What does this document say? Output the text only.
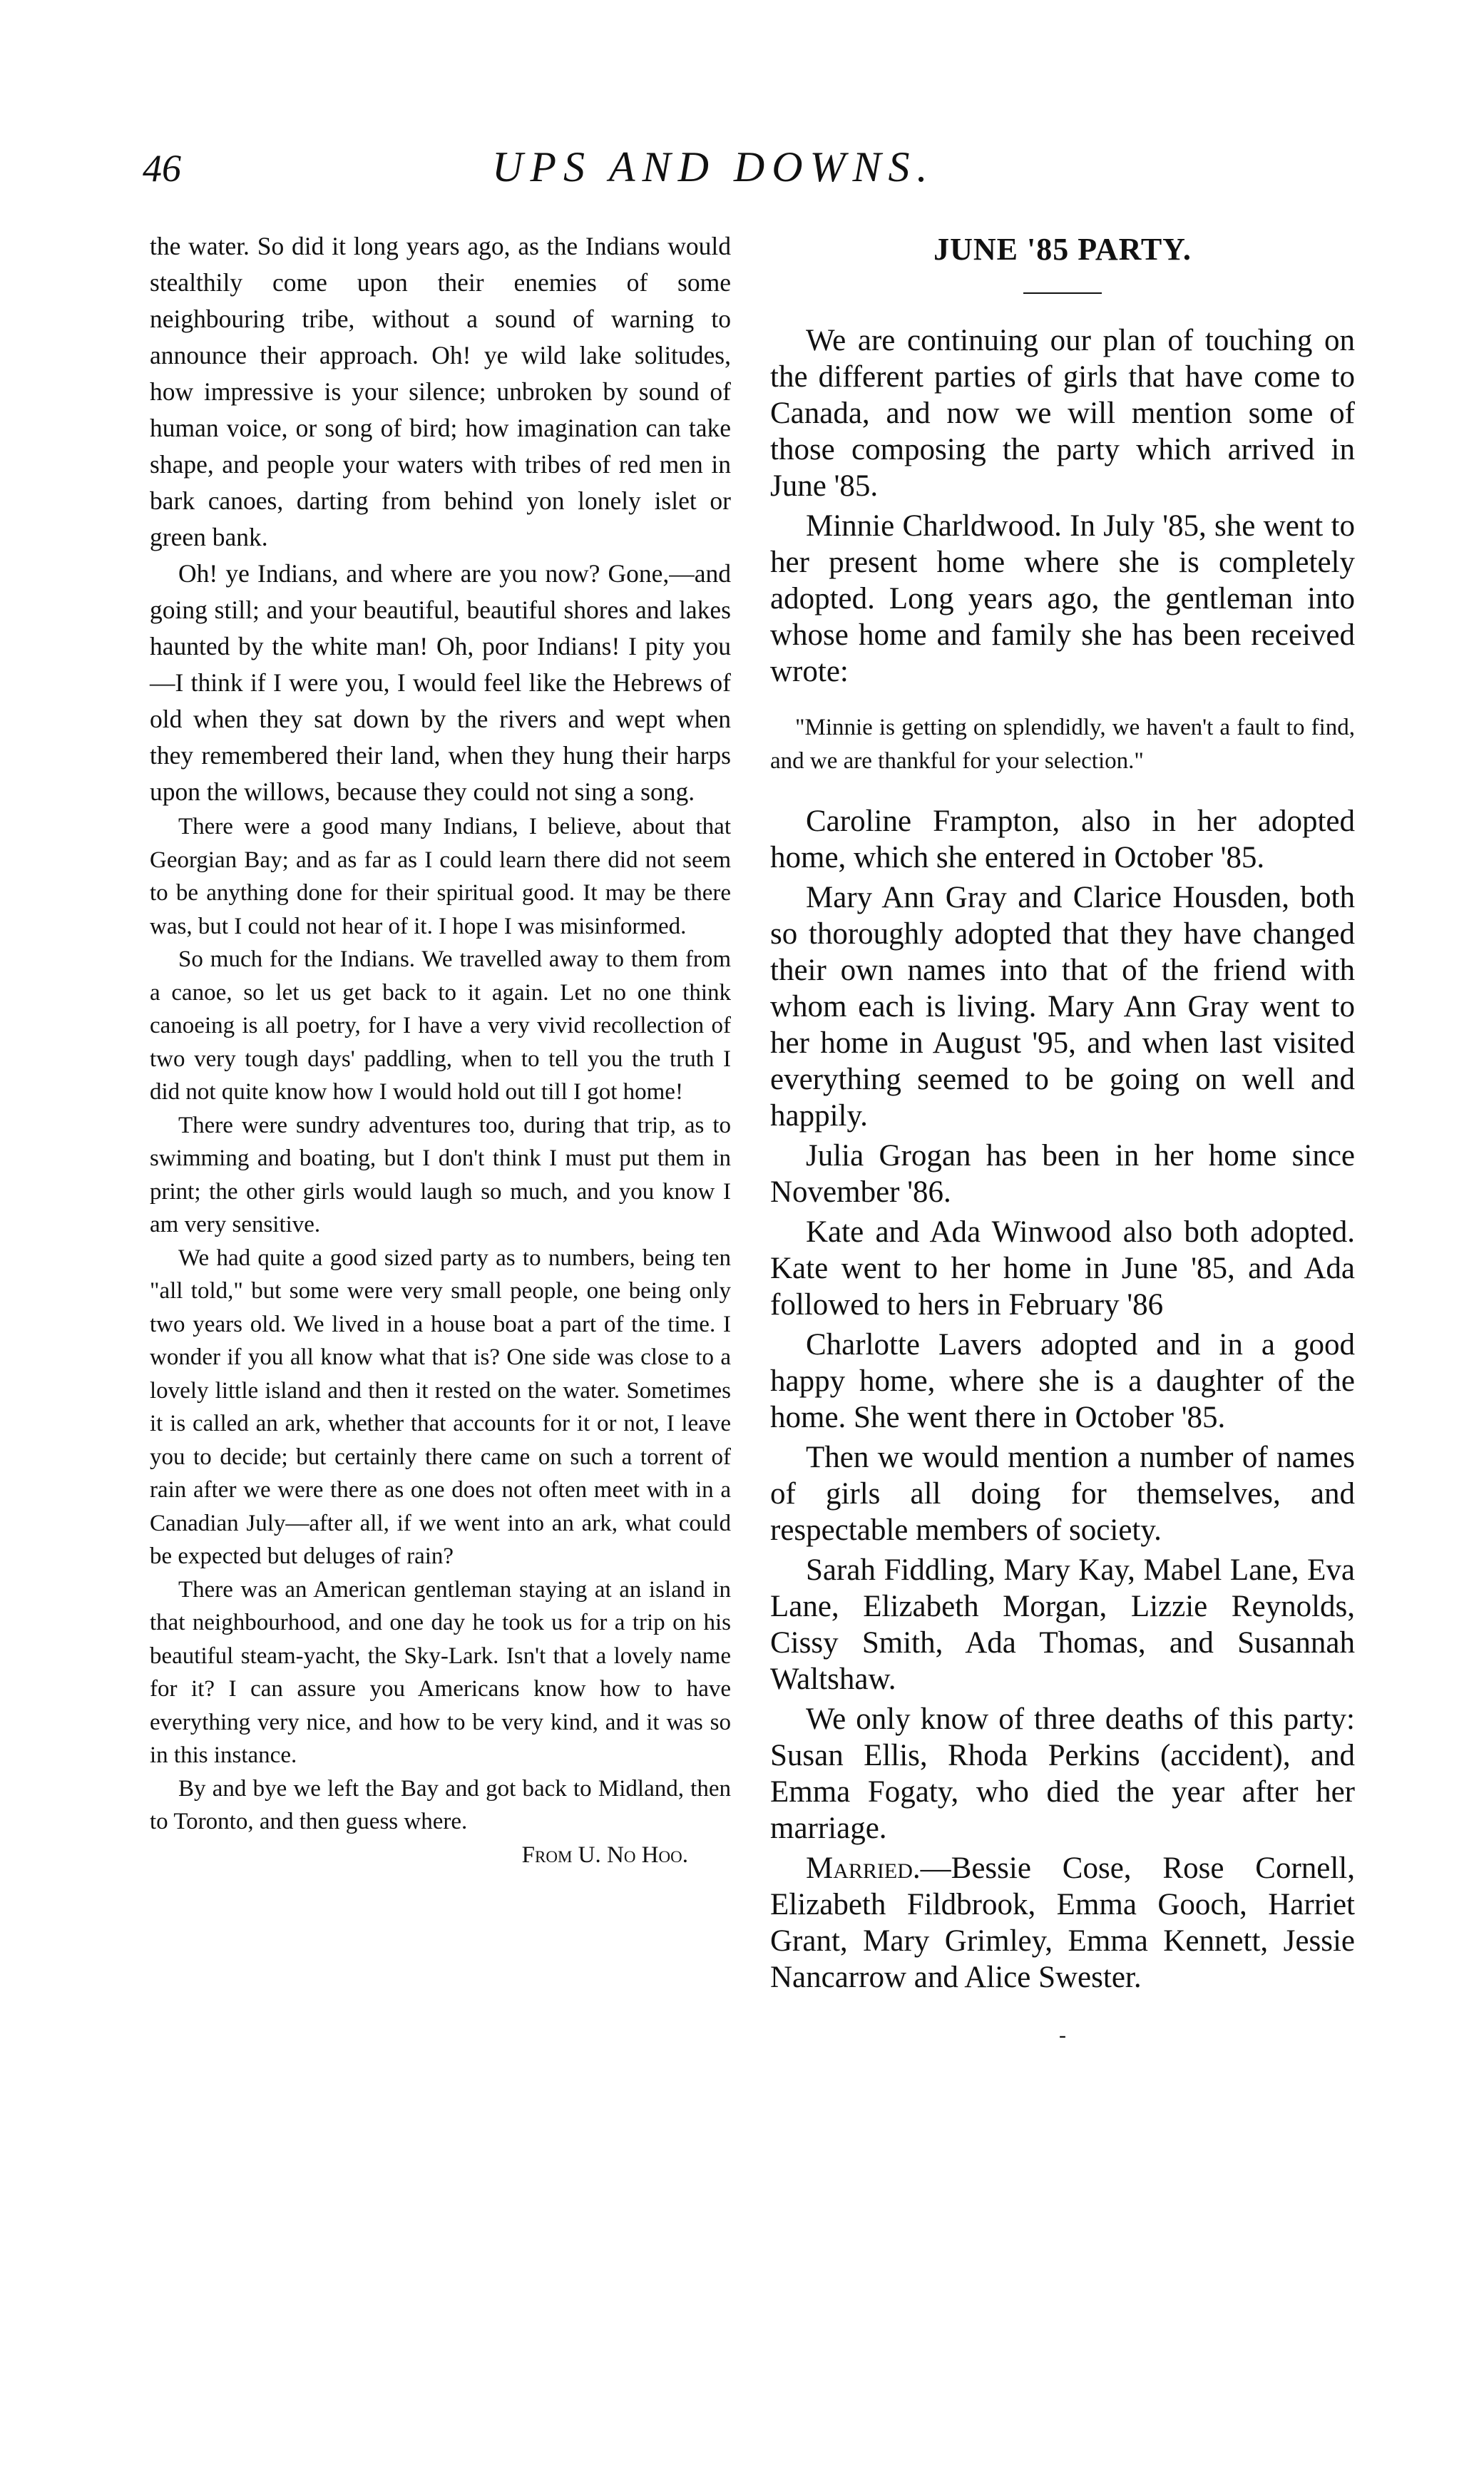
46	UPS AND DOWNS.

the water. So did it long years ago, as the Indians would stealthily come upon their enemies of some neighbouring tribe, without a sound of warning to announce their approach. Oh! ye wild lake solitudes, how impressive is your silence; unbroken by sound of human voice, or song of bird; how imagination can take shape, and people your waters with tribes of red men in bark canoes, darting from behind yon lonely islet or green bank.

Oh! ye Indians, and where are you now? Gone,—and going still; and your beautiful, beautiful shores and lakes haunted by the white man! Oh, poor Indians! I pity you—I think if I were you, I would feel like the Hebrews of old when they sat down by the rivers and wept when they remembered their land, when they hung their harps upon the willows, because they could not sing a song.

There were a good many Indians, I believe, about that Georgian Bay; and as far as I could learn there did not seem to be anything done for their spiritual good. It may be there was, but I could not hear of it. I hope I was misinformed.

So much for the Indians. We travelled away to them from a canoe, so let us get back to it again. Let no one think canoeing is all poetry, for I have a very vivid recollection of two very tough days' paddling, when to tell you the truth I did not quite know how I would hold out till I got home!

There were sundry adventures too, during that trip, as to swimming and boating, but I don't think I must put them in print; the other girls would laugh so much, and you know I am very sensitive.

We had quite a good sized party as to numbers, being ten "all told," but some were very small people, one being only two years old. We lived in a house boat a part of the time. I wonder if you all know what that is? One side was close to a lovely little island and then it rested on the water. Sometimes it is called an ark, whether that accounts for it or not, I leave you to decide; but certainly there came on such a torrent of rain after we were there as one does not often meet with in a Canadian July—after all, if we went into an ark, what could be expected but deluges of rain?

There was an American gentleman staying at an island in that neighbourhood, and one day he took us for a trip on his beautiful steam-yacht, the Sky-Lark. Isn't that a lovely name for it? I can assure you Americans know how to have everything very nice, and how to be very kind, and it was so in this instance.

By and bye we left the Bay and got back to Midland, then to Toronto, and then guess where.

From U. No Hoo.

JUNE '85 PARTY.

We are continuing our plan of touching on the different parties of girls that have come to Canada, and now we will mention some of those composing the party which arrived in June '85.

Minnie Charldwood. In July '85, she went to her present home where she is completely adopted. Long years ago, the gentleman into whose home and family she has been received wrote:

"Minnie is getting on splendidly, we haven't a fault to find, and we are thankful for your selection."

Caroline Frampton, also in her adopted home, which she entered in October '85.

Mary Ann Gray and Clarice Housden, both so thoroughly adopted that they have changed their own names into that of the friend with whom each is living. Mary Ann Gray went to her home in August '95, and when last visited everything seemed to be going on well and happily.

Julia Grogan has been in her home since November '86.

Kate and Ada Winwood also both adopted. Kate went to her home in June '85, and Ada followed to hers in February '86

Charlotte Lavers adopted and in a good happy home, where she is a daughter of the home. She went there in October '85.

Then we would mention a number of names of girls all doing for themselves, and respectable members of society.

Sarah Fiddling, Mary Kay, Mabel Lane, Eva Lane, Elizabeth Morgan, Lizzie Reynolds, Cissy Smith, Ada Thomas, and Susannah Waltshaw.

We only know of three deaths of this party: Susan Ellis, Rhoda Perkins (accident), and Emma Fogaty, who died the year after her marriage.

Married.—Bessie Cose, Rose Cornell, Elizabeth Fildbrook, Emma Gooch, Harriet Grant, Mary Grimley, Emma Kennett, Jessie Nancarrow and Alice Swester.

-
